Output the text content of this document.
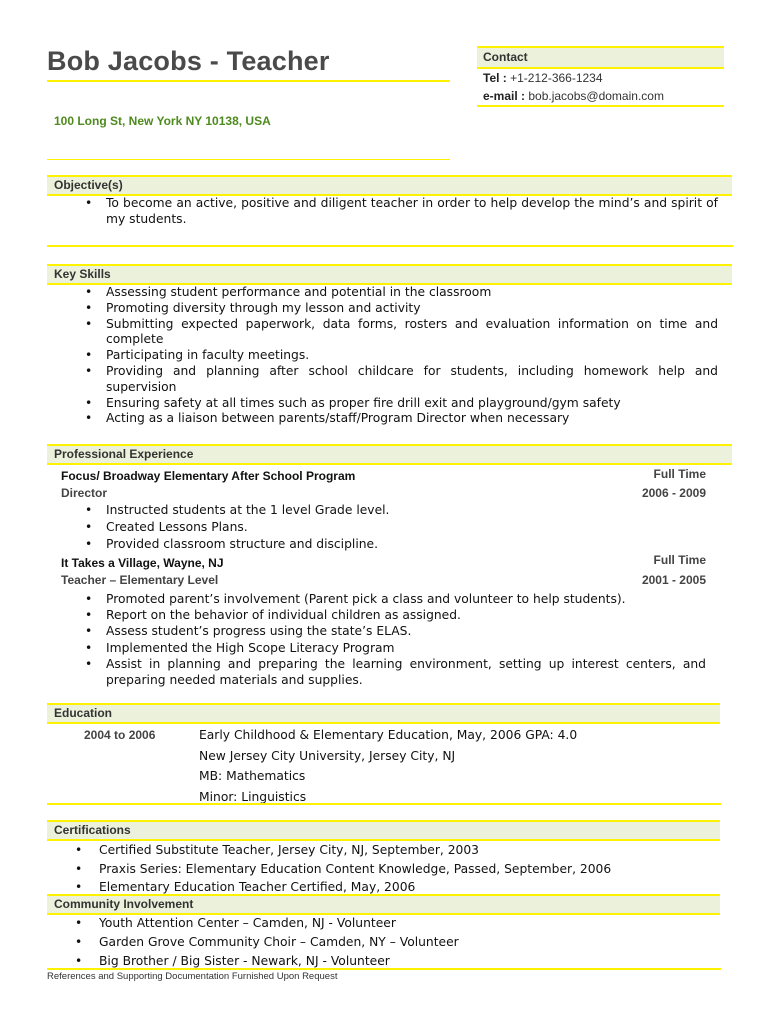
Bob Jacobs - Teacher
100 Long St, New York NY 10138, USA
Contact
Tel : +1-212-366-1234
e-mail : bob.jacobs@domain.com
Objective(s)
• To become an active, positive and diligent teacher in order to help develop the mind’s and spirit of my students.
Key Skills
• Assessing student performance and potential in the classroom
• Promoting diversity through my lesson and activity
• Submitting expected paperwork, data forms, rosters and evaluation information on time and complete
• Participating in faculty meetings.
• Providing and planning after school childcare for students, including homework help and supervision
• Ensuring safety at all times such as proper fire drill exit and playground/gym safety
• Acting as a liaison between parents/staff/Program Director when necessary
Professional Experience
Focus/ Broadway Elementary After School Program	Full Time
Director	2006 - 2009
• Instructed students at the 1 level Grade level.
• Created Lessons Plans.
• Provided classroom structure and discipline.
It Takes a Village, Wayne, NJ	Full Time
Teacher – Elementary Level	2001 - 2005
• Promoted parent’s involvement (Parent pick a class and volunteer to help students).
• Report on the behavior of individual children as assigned.
• Assess student’s progress using the state’s ELAS.
• Implemented the High Scope Literacy Program
• Assist in planning and preparing the learning environment, setting up interest centers, and preparing needed materials and supplies.
Education
2004 to 2006	Early Childhood & Elementary Education, May, 2006 GPA: 4.0
New Jersey City University, Jersey City, NJ
MB: Mathematics
Minor: Linguistics
Certifications
• Certified Substitute Teacher, Jersey City, NJ, September, 2003
• Praxis Series: Elementary Education Content Knowledge, Passed, September, 2006
• Elementary Education Teacher Certified, May, 2006
Community Involvement
• Youth Attention Center – Camden, NJ - Volunteer
• Garden Grove Community Choir – Camden, NY – Volunteer
• Big Brother / Big Sister - Newark, NJ - Volunteer
References and Supporting Documentation Furnished Upon Request
